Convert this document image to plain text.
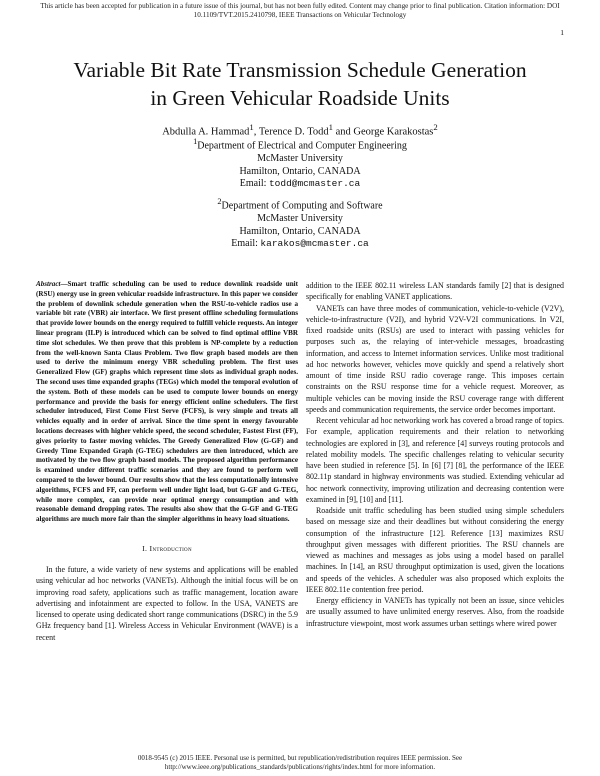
This article has been accepted for publication in a future issue of this journal, but has not been fully edited. Content may change prior to final publication. Citation information: DOI
10.1109/TVT.2015.2410798, IEEE Transactions on Vehicular Technology
1
Variable Bit Rate Transmission Schedule Generation
in Green Vehicular Roadside Units
Abdulla A. Hammad$^1$, Terence D. Todd$^1$ and George Karakostas$^2$
$^1$Department of Electrical and Computer Engineering
McMaster University
Hamilton, Ontario, CANADA
Email: todd@mcmaster.ca
$^2$Department of Computing and Software
McMaster University
Hamilton, Ontario, CANADA
Email: karakos@mcmaster.ca

Abstract—Smart traffic scheduling can be used to reduce downlink roadside unit (RSU) energy use in green vehicular roadside infrastructure. In this paper we consider the problem of downlink schedule generation when the RSU-to-vehicle radios use a variable bit rate (VBR) air interface. We first present offline scheduling formulations that provide lower bounds on the energy required to fulfill vehicle requests. An integer linear program (ILP) is introduced which can be solved to find optimal offline VBR time slot schedules. We then prove that this problem is NP-complete by a reduction from the well-known Santa Claus Problem. Two flow graph based models are then used to derive the minimum energy VBR scheduling problem. The first uses Generalized Flow (GF) graphs which represent time slots as individual graph nodes. The second uses time expanded graphs (TEGs) which model the temporal evolution of the system. Both of these models can be used to compute lower bounds on energy performance and provide the basis for energy efficient online schedulers. The first scheduler introduced, First Come First Serve (FCFS), is very simple and treats all vehicles equally and in order of arrival. Since the time spent in energy favourable locations decreases with higher vehicle speed, the second scheduler, Fastest First (FF), gives priority to faster moving vehicles. The Greedy Generalized Flow (G-GF) and Greedy Time Expanded Graph (G-TEG) schedulers are then introduced, which are motivated by the two flow graph based models. The proposed algorithm performance is examined under different traffic scenarios and they are found to perform well compared to the lower bound. Our results show that the less computationally intensive algorithms, FCFS and FF, can perform well under light load, but G-GF and G-TEG, while more complex, can provide near optimal energy consumption and with reasonable demand dropping rates. The results also show that the G-GF and G-TEG algorithms are much more fair than the simpler algorithms in heavy load situations.

I. Introduction

In the future, a wide variety of new systems and applications will be enabled using vehicular ad hoc networks (VANETs). Although the initial focus will be on improving road safety, applications such as traffic management, location aware advertising and infotainment are expected to follow. In the USA, VANETS are licensed to operate using dedicated short range communications (DSRC) in the 5.9 GHz frequency band [1]. Wireless Access in Vehicular Environment (WAVE) is a recent

addition to the IEEE 802.11 wireless LAN standards family [2] that is designed specifically for enabling VANET applications.

VANETs can have three modes of communication, vehicle-to-vehicle (V2V), vehicle-to-infrastructure (V2I), and hybrid V2V-V2I communications. In V2I, fixed roadside units (RSUs) are used to interact with passing vehicles for purposes such as, the relaying of inter-vehicle messages, broadcasting information, and access to Internet information services. Unlike most traditional ad hoc networks however, vehicles move quickly and spend a relatively short amount of time inside RSU radio coverage range. This imposes certain constraints on the RSU response time for a vehicle request. Moreover, as multiple vehicles can be moving inside the RSU coverage range with different speeds and communication requirements, the service order becomes important.

Recent vehicular ad hoc networking work has covered a broad range of topics. For example, application requirements and their relation to networking technologies are explored in [3], and reference [4] surveys routing protocols and related mobility models. The specific challenges relating to vehicular security have been studied in reference [5]. In [6] [7] [8], the performance of the IEEE 802.11p standard in highway environments was studied. Extending vehicular ad hoc network connectivity, improving utilization and decreasing contention were examined in [9], [10] and [11].

Roadside unit traffic scheduling has been studied using simple schedulers based on message size and their deadlines but without considering the energy consumption of the infrastructure [12]. Reference [13] maximizes RSU throughput given messages with different priorities. The RSU channels are viewed as machines and messages as jobs using a model based on parallel machines. In [14], an RSU throughput optimization is used, given the locations and speeds of the vehicles. A scheduler was also proposed which exploits the IEEE 802.11e contention free period.

Energy efficiency in VANETs has typically not been an issue, since vehicles are usually assumed to have unlimited energy reserves. Also, from the roadside infrastructure viewpoint, most work assumes urban settings where wired power

0018-9545 (c) 2015 IEEE. Personal use is permitted, but republication/redistribution requires IEEE permission. See
http://www.ieee.org/publications_standards/publications/rights/index.html for more information.
